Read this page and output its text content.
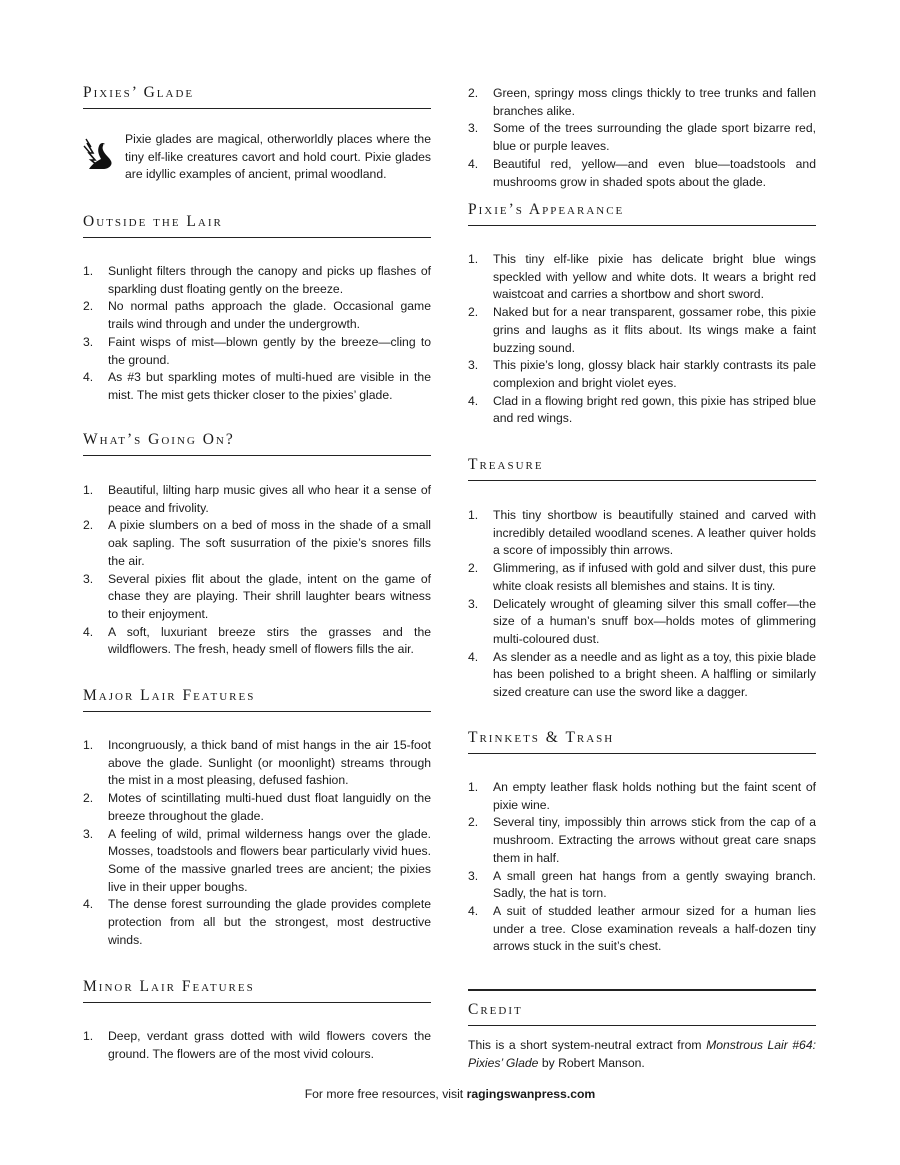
Pixies’ Glade

Pixie glades are magical, otherworldly places where the tiny elf-like creatures cavort and hold court. Pixie glades are idyllic examples of ancient, primal woodland.

Outside the Lair
1. Sunlight filters through the canopy and picks up flashes of sparkling dust floating gently on the breeze.
2. No normal paths approach the glade. Occasional game trails wind through and under the undergrowth.
3. Faint wisps of mist—blown gently by the breeze—cling to the ground.
4. As #3 but sparkling motes of multi-hued are visible in the mist. The mist gets thicker closer to the pixies’ glade.
What’s Going On?
1. Beautiful, lilting harp music gives all who hear it a sense of peace and frivolity.
2. A pixie slumbers on a bed of moss in the shade of a small oak sapling. The soft susurration of the pixie’s snores fills the air.
3. Several pixies flit about the glade, intent on the game of chase they are playing. Their shrill laughter bears witness to their enjoyment.
4. A soft, luxuriant breeze stirs the grasses and the wildflowers. The fresh, heady smell of flowers fills the air.
Major Lair Features
1. Incongruously, a thick band of mist hangs in the air 15-foot above the glade. Sunlight (or moonlight) streams through the mist in a most pleasing, defused fashion.
2. Motes of scintillating multi-hued dust float languidly on the breeze throughout the glade.
3. A feeling of wild, primal wilderness hangs over the glade. Mosses, toadstools and flowers bear particularly vivid hues. Some of the massive gnarled trees are ancient; the pixies live in their upper boughs.
4. The dense forest surrounding the glade provides complete protection from all but the strongest, most destructive winds.
Minor Lair Features
1. Deep, verdant grass dotted with wild flowers covers the ground. The flowers are of the most vivid colours.
2. Green, springy moss clings thickly to tree trunks and fallen branches alike.
3. Some of the trees surrounding the glade sport bizarre red, blue or purple leaves.
4. Beautiful red, yellow—and even blue—toadstools and mushrooms grow in shaded spots about the glade.
Pixie’s Appearance
1. This tiny elf-like pixie has delicate bright blue wings speckled with yellow and white dots. It wears a bright red waistcoat and carries a shortbow and short sword.
2. Naked but for a near transparent, gossamer robe, this pixie grins and laughs as it flits about. Its wings make a faint buzzing sound.
3. This pixie’s long, glossy black hair starkly contrasts its pale complexion and bright violet eyes.
4. Clad in a flowing bright red gown, this pixie has striped blue and red wings.
Treasure
1. This tiny shortbow is beautifully stained and carved with incredibly detailed woodland scenes. A leather quiver holds a score of impossibly thin arrows.
2. Glimmering, as if infused with gold and silver dust, this pure white cloak resists all blemishes and stains. It is tiny.
3. Delicately wrought of gleaming silver this small coffer—the size of a human’s snuff box—holds motes of glimmering multi-coloured dust.
4. As slender as a needle and as light as a toy, this pixie blade has been polished to a bright sheen. A halfling or similarly sized creature can use the sword like a dagger.
Trinkets & Trash
1. An empty leather flask holds nothing but the faint scent of pixie wine.
2. Several tiny, impossibly thin arrows stick from the cap of a mushroom. Extracting the arrows without great care snaps them in half.
3. A small green hat hangs from a gently swaying branch. Sadly, the hat is torn.
4. A suit of studded leather armour sized for a human lies under a tree. Close examination reveals a half-dozen tiny arrows stuck in the suit’s chest.
Credit

This is a short system-neutral extract from Monstrous Lair #64: Pixies’ Glade by Robert Manson.

For more free resources, visit ragingswanpress.com
